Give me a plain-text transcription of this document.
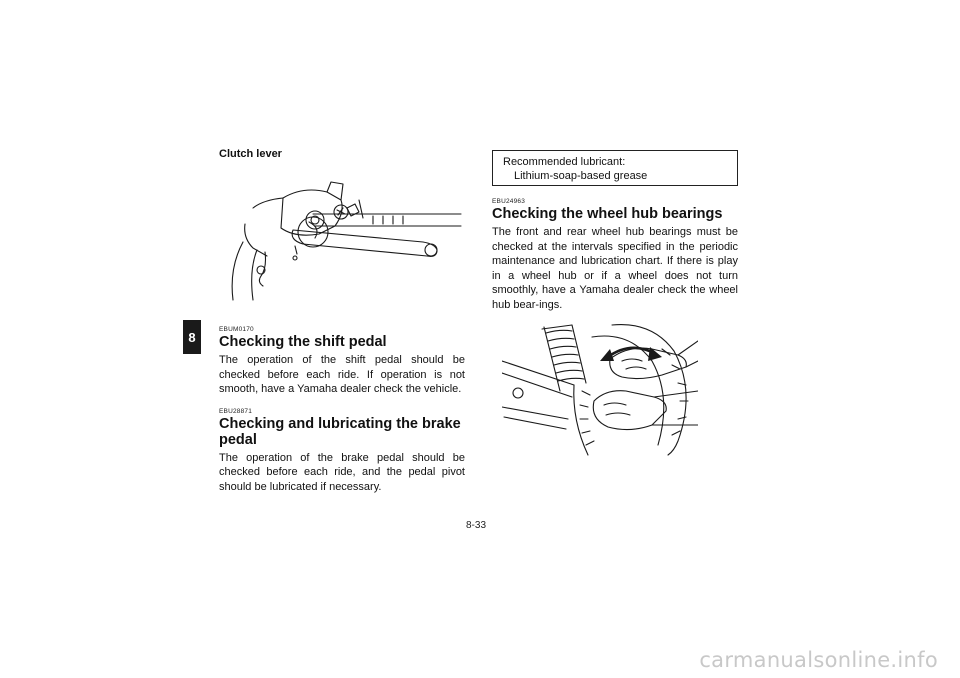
8

Clutch lever

EBUM0170

Checking the shift pedal

The operation of the shift pedal should be checked before each ride. If operation is not smooth, have a Yamaha dealer check the vehicle.

EBU28871

Checking and lubricating the brake pedal

The operation of the brake pedal should be checked before each ride, and the pedal pivot should be lubricated if necessary.

Recommended lubricant:
Lithium-soap-based grease

EBU24963

Checking the wheel hub bearings

The front and rear wheel hub bearings must be checked at the intervals specified in the periodic maintenance and lubrication chart. If there is play in a wheel hub or if a wheel does not turn smoothly, have a Yamaha dealer check the wheel hub bear-ings.

8-33
carmanualsonline.info
